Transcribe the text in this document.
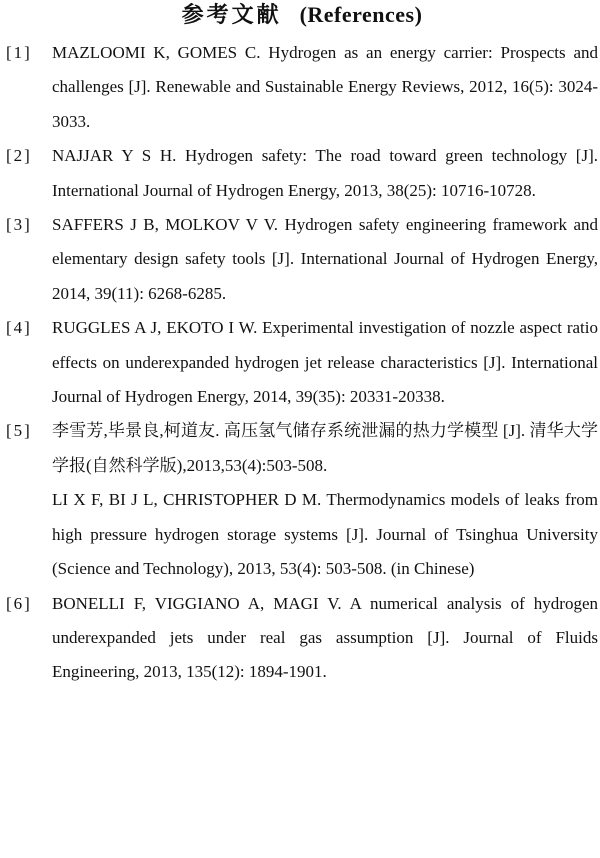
参考文献 (References)
[1]	MAZLOOMI K, GOMES C. Hydrogen as an energy carrier: Prospects and challenges [J]. Renewable and Sustainable Energy Reviews, 2012, 16(5): 3024-3033.
[2]	NAJJAR Y S H. Hydrogen safety: The road toward green technology [J]. International Journal of Hydrogen Energy, 2013, 38(25): 10716-10728.
[3]	SAFFERS J B, MOLKOV V V. Hydrogen safety engineering framework and elementary design safety tools [J]. International Journal of Hydrogen Energy, 2014, 39(11): 6268-6285.
[4]	RUGGLES A J, EKOTO I W. Experimental investigation of nozzle aspect ratio effects on underexpanded hydrogen jet release characteristics [J]. International Journal of Hydrogen Energy, 2014, 39(35): 20331-20338.
[5]	李雪芳,毕景良,柯道友. 高压氢气储存系统泄漏的热力学模型 [J]. 清华大学学报(自然科学版),2013,53(4):503-508.
LI X F, BI J L, CHRISTOPHER D M. Thermodynamics models of leaks from high pressure hydrogen storage systems [J]. Journal of Tsinghua University (Science and Technology), 2013, 53(4): 503-508. (in Chinese)
[6]	BONELLI F, VIGGIANO A, MAGI V. A numerical analysis of hydrogen underexpanded jets under real gas assumption [J]. Journal of Fluids Engineering, 2013, 135(12): 1894-1901.
